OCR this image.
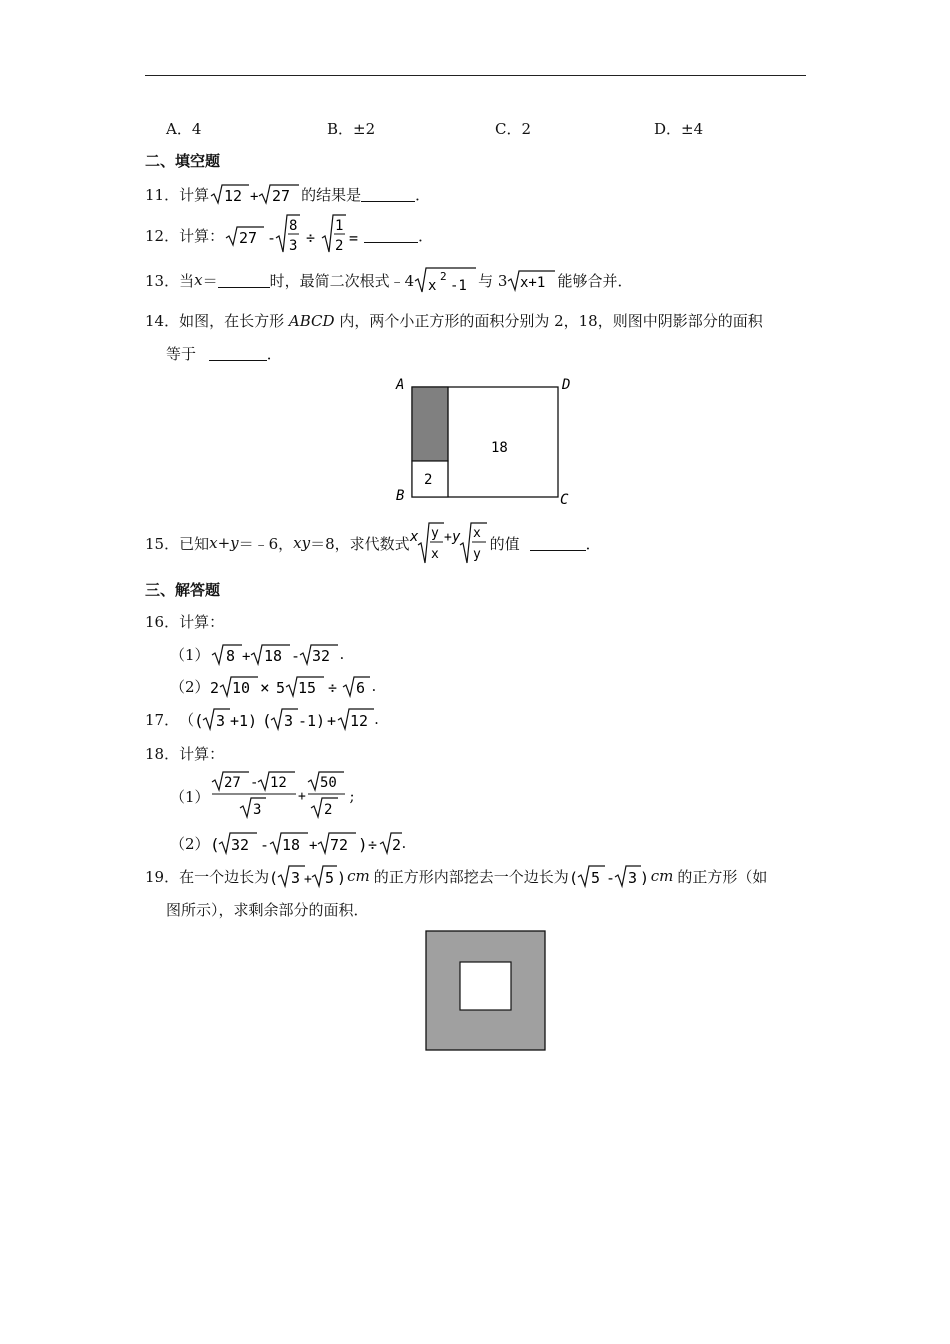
A．4	B．±2	C．2	D．±4
二、填空题
11． 计算 12 + 27 的结果是	．
12． 计算： 27 -
8
3 ÷
1
2 =	．
13． 当 x ＝	时，最简二次根式﹣4 x
2
-1 与 3 x+1 能够合并．
14．如图，在长方形 ABCD 内，两个小正方形的面积分别为 2，18，则图中阴影部分的面积
等于	．
2
18
A	D
B	C
15． 已知 x+y ＝﹣6， xy ＝8，求代数式 x y
x
+ y x
y
的值	．
三、解答题
16．计算：
（1） 8 + 18 - 32 .
（2） 2 10 × 5 15 ÷ 6 .
17． （ ( 3 +1) ( 3 -1) + 12 .
18．计算：
（1）
27 - 12
3
+
50
2
;
（2） ( 32 - 18 + 72 ) ÷ 2 .
19． 在一个边长为 ( 3 + 5 ) cm 的正方形内部挖去一个边长为 ( 5 - 3 ) cm 的正方形（如
图所示），求剩余部分的面积．
